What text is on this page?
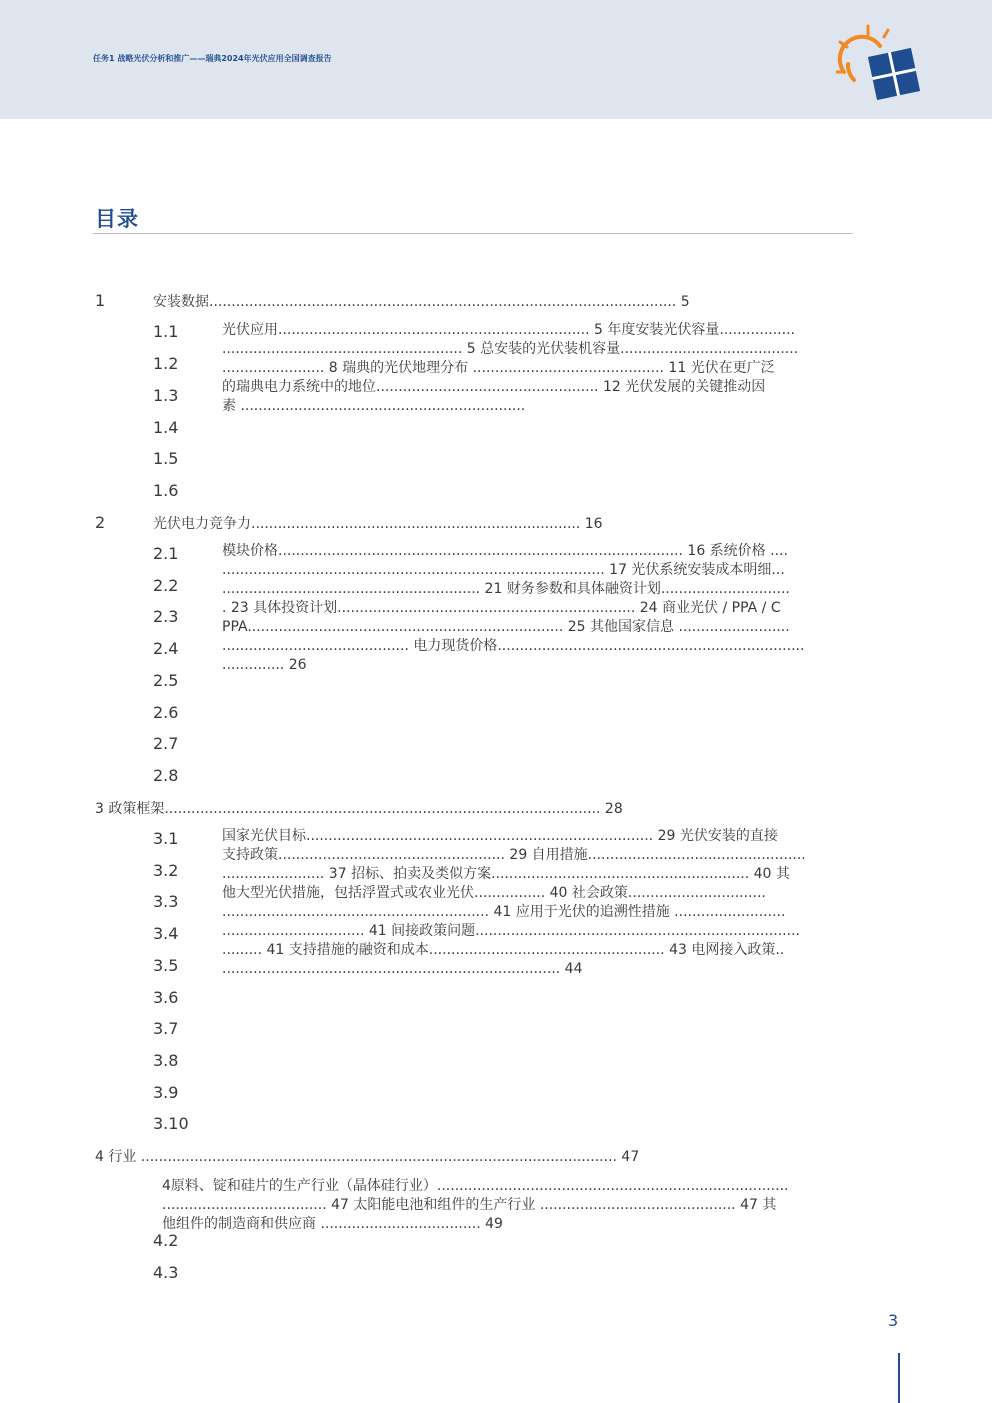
任务1 战略光伏分析和推广——瑞典2024年光伏应用全国调查报告
目录
1	安装数据......................................................................................................... 5
1.1
1.2
1.3
1.4
1.5
1.6
光伏应用...................................................................... 5 年度安装光伏容量.................
...................................................... 5 总安装的光伏装机容量........................................
....................... 8 瑞典的光伏地理分布 ........................................... 11 光伏在更广泛
的瑞典电力系统中的地位.................................................. 12 光伏发展的关键推动因
素 ................................................................
2	光伏电力竞争力.......................................................................... 16
2.1
2.2
2.3
2.4
2.5
2.6
2.7
2.8
模块价格........................................................................................... 16 系统价格 ....
...................................................................................... 17 光伏系统安装成本明细...
.......................................................... 21 财务参数和具体融资计划.............................
. 23 具体投资计划................................................................... 24 商业光伏 / PPA / C
PPA....................................................................... 25 其他国家信息 .........................
.......................................... 电力现货价格.....................................................................
.............. 26
3 政策框架.................................................................................................. 28
3.1
3.2
3.3
3.4
3.5
3.6
3.7
3.8
3.9
3.10
国家光伏目标.............................................................................. 29 光伏安装的直接
支持政策................................................... 29 自用措施.................................................
....................... 37 招标、拍卖及类似方案.......................................................... 40 其
他大型光伏措施，包括浮置式或农业光伏................ 40 社会政策...............................
............................................................ 41 应用于光伏的追溯性措施 .........................
................................ 41 间接政策问题.........................................................................
......... 41 支持措施的融资和成本..................................................... 43 电网接入政策..
............................................................................ 44
4 行业 ........................................................................................................... 47
4原料、锭和硅片的生产行业（晶体硅行业）...............................................................................
..................................... 47 太阳能电池和组件的生产行业 ............................................ 47 其
他组件的制造商和供应商 .................................... 49
4.2
4.3
3
